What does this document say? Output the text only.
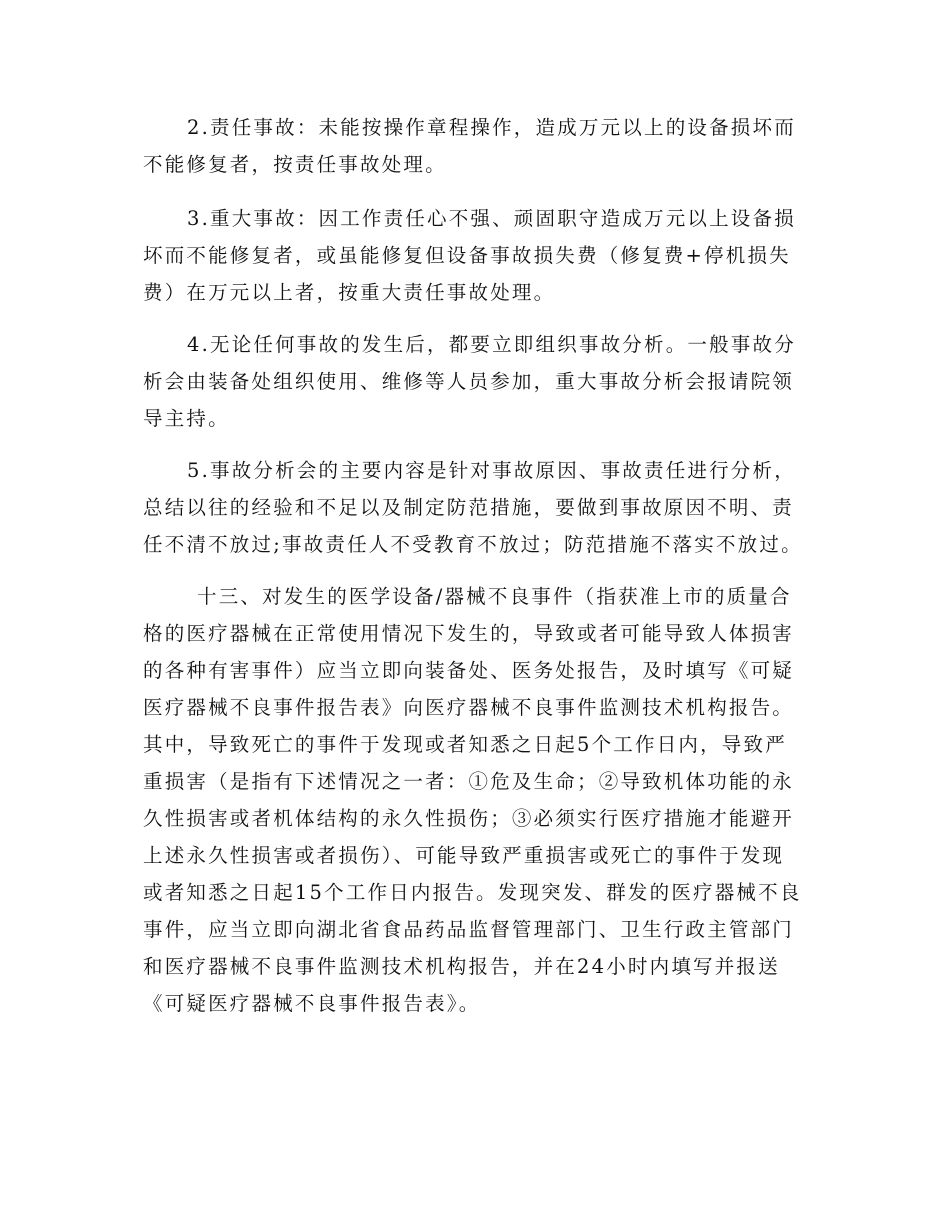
2.责任事故：未能按操作章程操作，造成万元以上的设备损坏而
不能修复者，按责任事故处理。
3.重大事故：因工作责任心不强、顽固职守造成万元以上设备损
坏而不能修复者，或虽能修复但设备事故损失费（修复费+停机损失
费）在万元以上者，按重大责任事故处理。
4.无论任何事故的发生后，都要立即组织事故分析。一般事故分
析会由装备处组织使用、维修等人员参加，重大事故分析会报请院领
导主持。
5.事故分析会的主要内容是针对事故原因、事故责任进行分析，
总结以往的经验和不足以及制定防范措施，要做到事故原因不明、责
任不清不放过;事故责任人不受教育不放过；防范措施不落实不放过。
十三、对发生的医学设备/器械不良事件（指获准上市的质量合
格的医疗器械在正常使用情况下发生的，导致或者可能导致人体损害
的各种有害事件）应当立即向装备处、医务处报告，及时填写《可疑
医疗器械不良事件报告表》向医疗器械不良事件监测技术机构报告。
其中，导致死亡的事件于发现或者知悉之日起5个工作日内，导致严
重损害（是指有下述情况之一者：①危及生命；②导致机体功能的永
久性损害或者机体结构的永久性损伤；③必须实行医疗措施才能避开
上述永久性损害或者损伤）、可能导致严重损害或死亡的事件于发现
或者知悉之日起15个工作日内报告。发现突发、群发的医疗器械不良
事件，应当立即向湖北省食品药品监督管理部门、卫生行政主管部门
和医疗器械不良事件监测技术机构报告，并在24小时内填写并报送
《可疑医疗器械不良事件报告表》。
